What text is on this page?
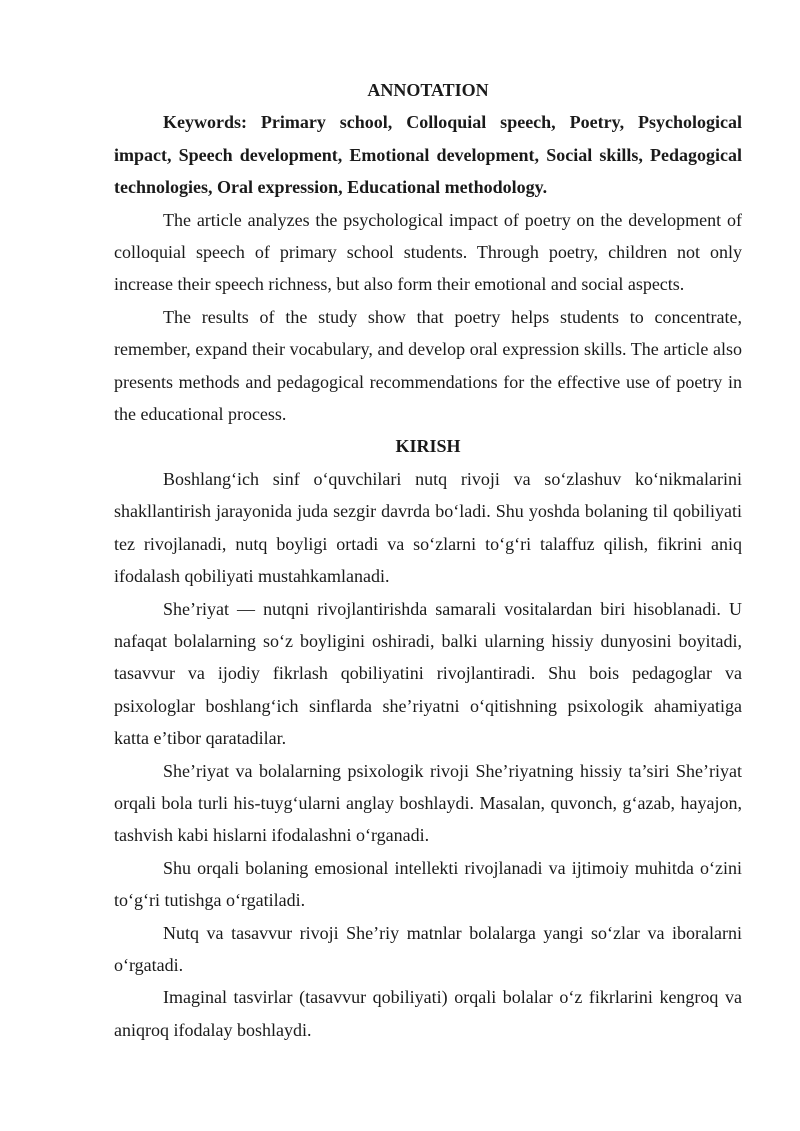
ANNOTATION

Keywords: Primary school, Colloquial speech, Poetry, Psychological impact, Speech development, Emotional development, Social skills, Pedagogical technologies, Oral expression, Educational methodology.

The article analyzes the psychological impact of poetry on the development of colloquial speech of primary school students. Through poetry, children not only increase their speech richness, but also form their emotional and social aspects.

The results of the study show that poetry helps students to concentrate, remember, expand their vocabulary, and develop oral expression skills. The article also presents methods and pedagogical recommendations for the effective use of poetry in the educational process.

KIRISH

Boshlang‘ich sinf o‘quvchilari nutq rivoji va so‘zlashuv ko‘nikmalarini shakllantirish jarayonida juda sezgir davrda bo‘ladi. Shu yoshda bolaning til qobiliyati tez rivojlanadi, nutq boyligi ortadi va so‘zlarni to‘g‘ri talaffuz qilish, fikrini aniq ifodalash qobiliyati mustahkamlanadi.

She’riyat — nutqni rivojlantirishda samarali vositalardan biri hisoblanadi. U nafaqat bolalarning so‘z boyligini oshiradi, balki ularning hissiy dunyosini boyitadi, tasavvur va ijodiy fikrlash qobiliyatini rivojlantiradi. Shu bois pedagoglar va psixologlar boshlang‘ich sinflarda she’riyatni o‘qitishning psixologik ahamiyatiga katta e’tibor qaratadilar.

She’riyat va bolalarning psixologik rivoji She’riyatning hissiy ta’siri She’riyat orqali bola turli his-tuyg‘ularni anglay boshlaydi. Masalan, quvonch, g‘azab, hayajon, tashvish kabi hislarni ifodalashni o‘rganadi.

Shu orqali bolaning emosional intellekti rivojlanadi va ijtimoiy muhitda o‘zini to‘g‘ri tutishga o‘rgatiladi.

Nutq va tasavvur rivoji She’riy matnlar bolalarga yangi so‘zlar va iboralarni o‘rgatadi.

Imaginal tasvirlar (tasavvur qobiliyati) orqali bolalar o‘z fikrlarini kengroq va aniqroq ifodalay boshlaydi.
